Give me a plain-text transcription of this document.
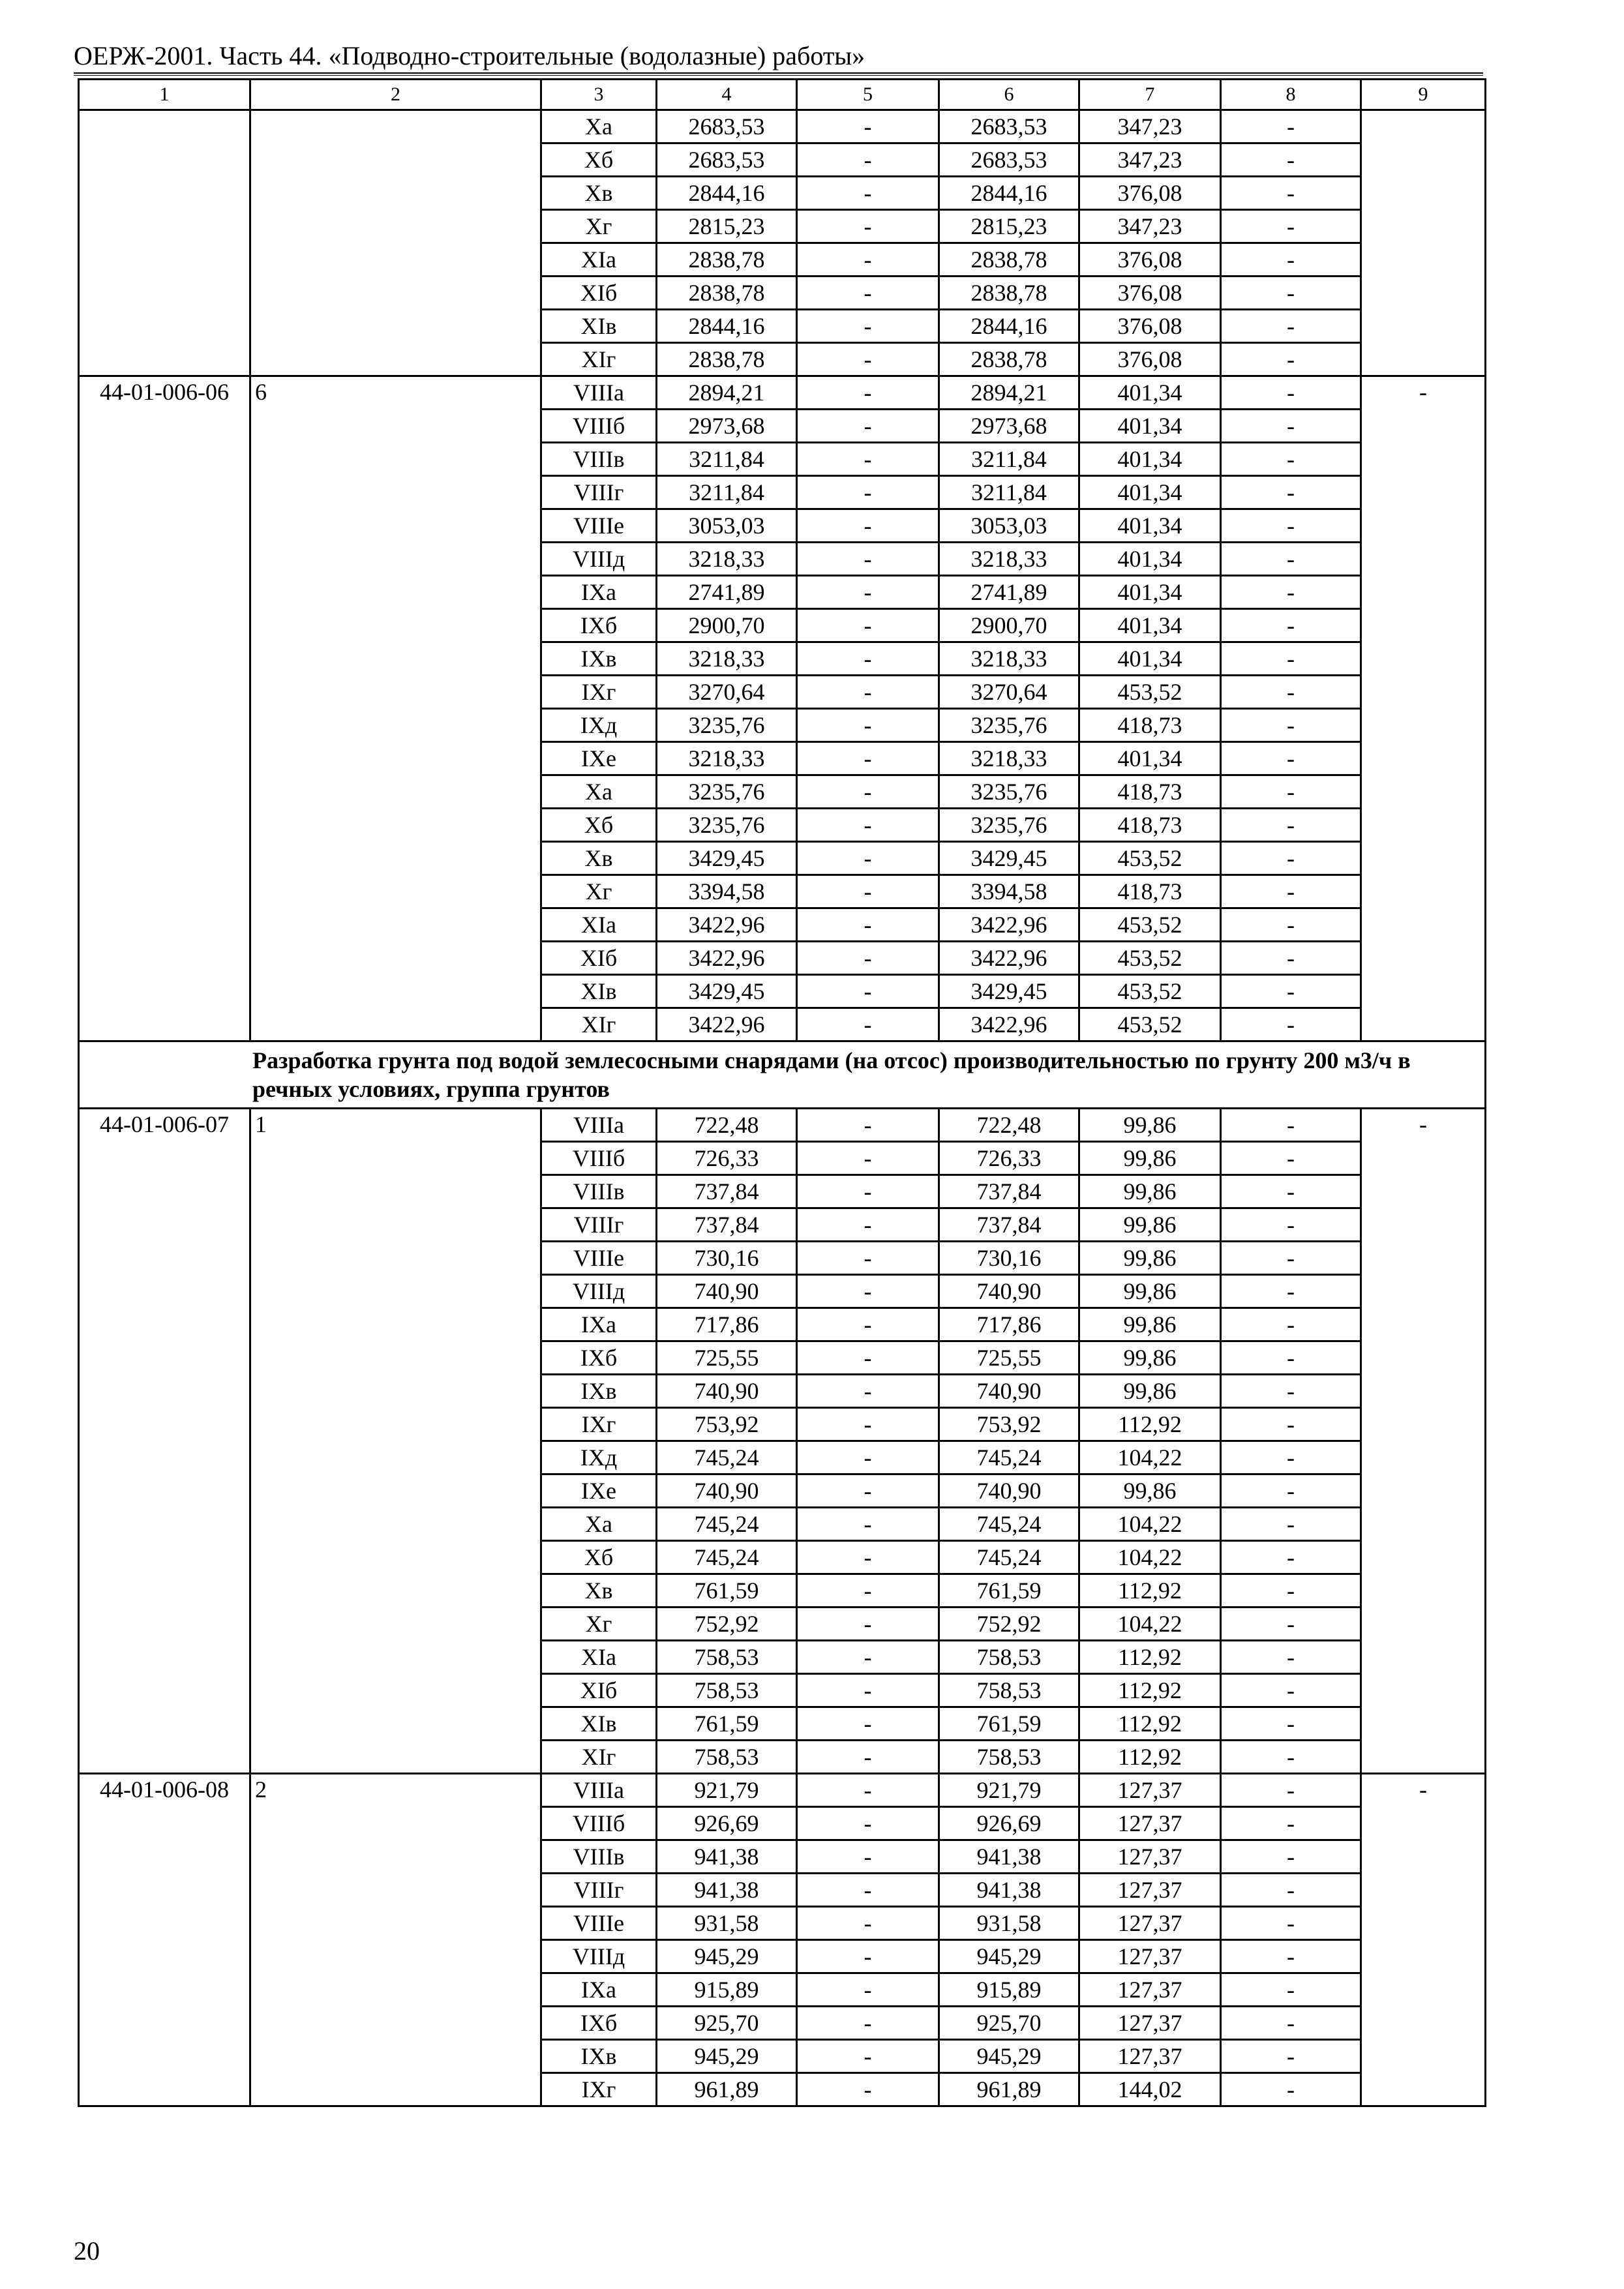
ОЕРЖ-2001. Часть 44. «Подводно-строительные (водолазные) работы»
1	2	3	4	5	6	7	8	9
		Xa	2683,53	-	2683,53	347,23	-	
		Xб	2683,53	-	2683,53	347,23	-	
		Xв	2844,16	-	2844,16	376,08	-	
		Xг	2815,23	-	2815,23	347,23	-	
		XIa	2838,78	-	2838,78	376,08	-	
		XIб	2838,78	-	2838,78	376,08	-	
		XIв	2844,16	-	2844,16	376,08	-	
		XIг	2838,78	-	2838,78	376,08	-	
44-01-006-06	6	VIIIa	2894,21	-	2894,21	401,34	-	-
		VIIIб	2973,68	-	2973,68	401,34	-	
		VIIIв	3211,84	-	3211,84	401,34	-	
		VIIIг	3211,84	-	3211,84	401,34	-	
		VIIIe	3053,03	-	3053,03	401,34	-	
		VIIIд	3218,33	-	3218,33	401,34	-	
		IXa	2741,89	-	2741,89	401,34	-	
		IXб	2900,70	-	2900,70	401,34	-	
		IXв	3218,33	-	3218,33	401,34	-	
		IXг	3270,64	-	3270,64	453,52	-	
		IXд	3235,76	-	3235,76	418,73	-	
		IXe	3218,33	-	3218,33	401,34	-	
		Xa	3235,76	-	3235,76	418,73	-	
		Xб	3235,76	-	3235,76	418,73	-	
		Xв	3429,45	-	3429,45	453,52	-	
		Xг	3394,58	-	3394,58	418,73	-	
		XIa	3422,96	-	3422,96	453,52	-	
		XIб	3422,96	-	3422,96	453,52	-	
		XIв	3429,45	-	3429,45	453,52	-	
		XIг	3422,96	-	3422,96	453,52	-	
Разработка грунта под водой землесосными снарядами (на отсос) производительностью по грунту 200 м3/ч в речных условиях, группа грунтов								
44-01-006-07	1	VIIIa	722,48	-	722,48	99,86	-	-
		VIIIб	726,33	-	726,33	99,86	-	
		VIIIв	737,84	-	737,84	99,86	-	
		VIIIг	737,84	-	737,84	99,86	-	
		VIIIe	730,16	-	730,16	99,86	-	
		VIIIд	740,90	-	740,90	99,86	-	
		IXa	717,86	-	717,86	99,86	-	
		IXб	725,55	-	725,55	99,86	-	
		IXв	740,90	-	740,90	99,86	-	
		IXг	753,92	-	753,92	112,92	-	
		IXд	745,24	-	745,24	104,22	-	
		IXe	740,90	-	740,90	99,86	-	
		Xa	745,24	-	745,24	104,22	-	
		Xб	745,24	-	745,24	104,22	-	
		Xв	761,59	-	761,59	112,92	-	
		Xг	752,92	-	752,92	104,22	-	
		XIa	758,53	-	758,53	112,92	-	
		XIб	758,53	-	758,53	112,92	-	
		XIв	761,59	-	761,59	112,92	-	
		XIг	758,53	-	758,53	112,92	-	
44-01-006-08	2	VIIIa	921,79	-	921,79	127,37	-	-
		VIIIб	926,69	-	926,69	127,37	-	
		VIIIв	941,38	-	941,38	127,37	-	
		VIIIг	941,38	-	941,38	127,37	-	
		VIIIe	931,58	-	931,58	127,37	-	
		VIIIд	945,29	-	945,29	127,37	-	
		IXa	915,89	-	915,89	127,37	-	
		IXб	925,70	-	925,70	127,37	-	
		IXв	945,29	-	945,29	127,37	-	
		IXг	961,89	-	961,89	144,02	-	
20
